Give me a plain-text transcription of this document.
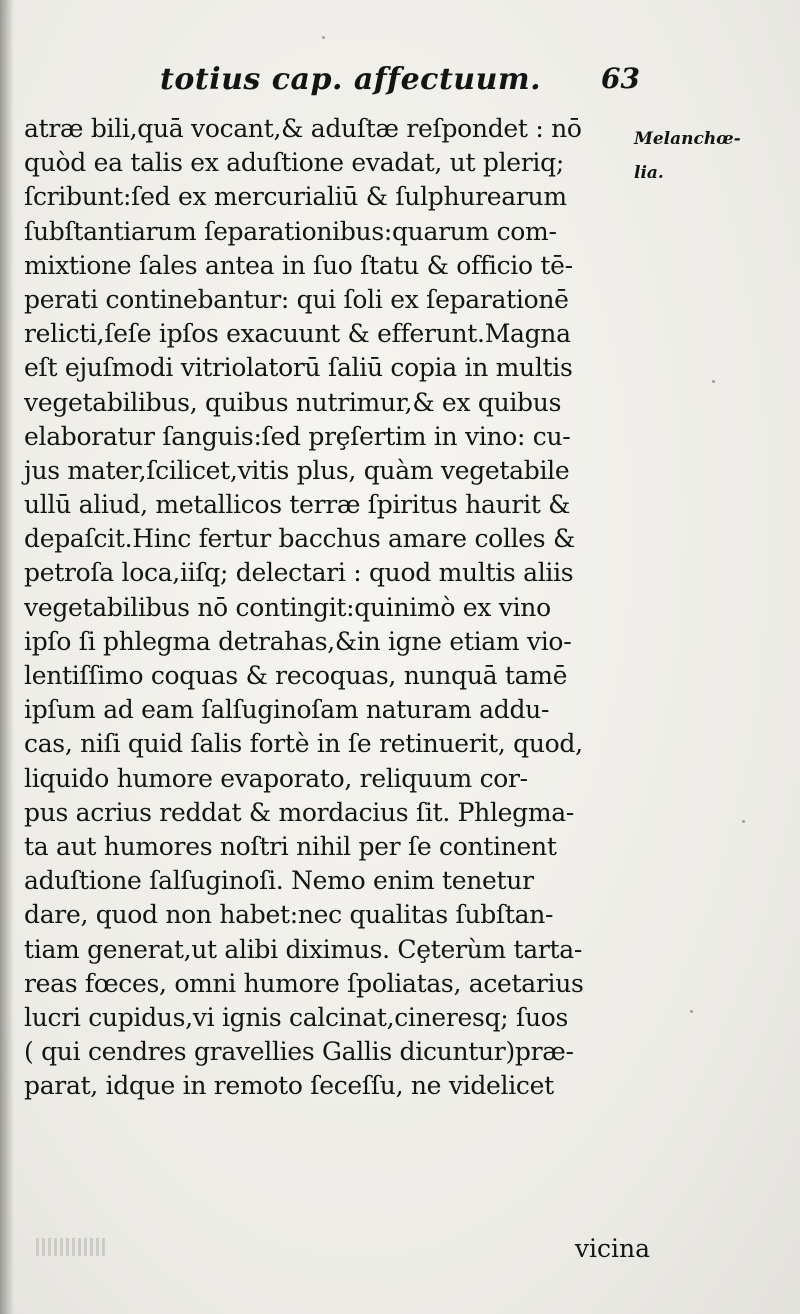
totius cap. affectuum. 63
atræ bili,quā vocant,& aduſtæ reſpondet : nō
quòd ea talis ex aduſtione evadat, ut pleriq;
ſcribunt:ſed ex mercurialiū & ſulphurearum
ſubſtantiarum ſeparationibus:quarum com-
mixtione ſales antea in ſuo ſtatu & officio tē-
perati continebantur: qui ſoli ex ſeparationē
relicti,ſeſe ipſos exacuunt & efferunt.Magna
eſt ejuſmodi vitriolatorū ſaliū copia in multis
vegetabilibus, quibus nutrimur,& ex quibus
elaboratur ſanguis:ſed prȩſertim in vino: cu-
jus mater,ſcilicet,vitis plus, quàm vegetabile
ullū aliud, metallicos terræ ſpiritus haurit &
depaſcit.Hinc fertur bacchus amare colles &
petroſa loca,iiſq; delectari : quod multis aliis
vegetabilibus nō contingit:quinimò ex vino
ipſo ſi phlegma detrahas,&in igne etiam vio-
lentiſſimo coquas & recoquas, nunquā tamē
ipſum ad eam ſalſuginoſam naturam addu-
cas, niſi quid ſalis fortè in ſe retinuerit, quod,
liquido humore evaporato, reliquum cor-
pus acrius reddat & mordacius ſit. Phlegma-
ta aut humores noſtri nihil per ſe continent
aduſtione ſalſuginoſi. Nemo enim tenetur
dare, quod non habet:nec qualitas ſubſtan-
tiam generat,ut alibi diximus. Cȩterùm tarta-
reas fœces, omni humore ſpoliatas, acetarius
lucri cupidus,vi ignis calcinat,cineresq; ſuos
( qui cendres gravellies Gallis dicuntur)præ-
parat, idque in remoto ſeceſſu, ne videlicet
Melanchœ-
lia.
vicina
